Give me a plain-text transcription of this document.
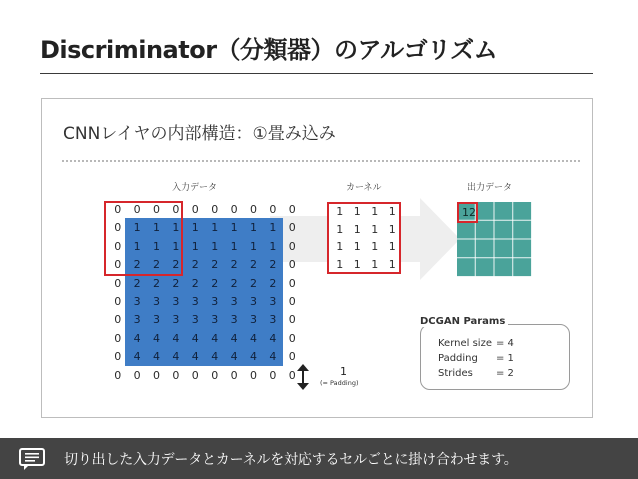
Discriminator（分類器）のアルゴリズム
CNNレイヤの内部構造：①畳み込み
入力データ	カーネル	出力データ
0	0	0	0	0	0	0	0	0	0
0	1	1	1	1	1	1	1	1	0
0	1	1	1	1	1	1	1	1	0
0	2	2	2	2	2	2	2	2	0
0	2	2	2	2	2	2	2	2	0
0	3	3	3	3	3	3	3	3	0
0	3	3	3	3	3	3	3	3	0
0	4	4	4	4	4	4	4	4	0
0	4	4	4	4	4	4	4	4	0
0	0	0	0	0	0	0	0	0	0
1 1 1 1
1 1 1 1
1 1 1 1
1 1 1 1
12
1
(= Padding)
DCGAN Params
Kernel size = 4
Padding = 1
Strides = 2
切り出した入力データとカーネルを対応するセルごとに掛け合わせます。
